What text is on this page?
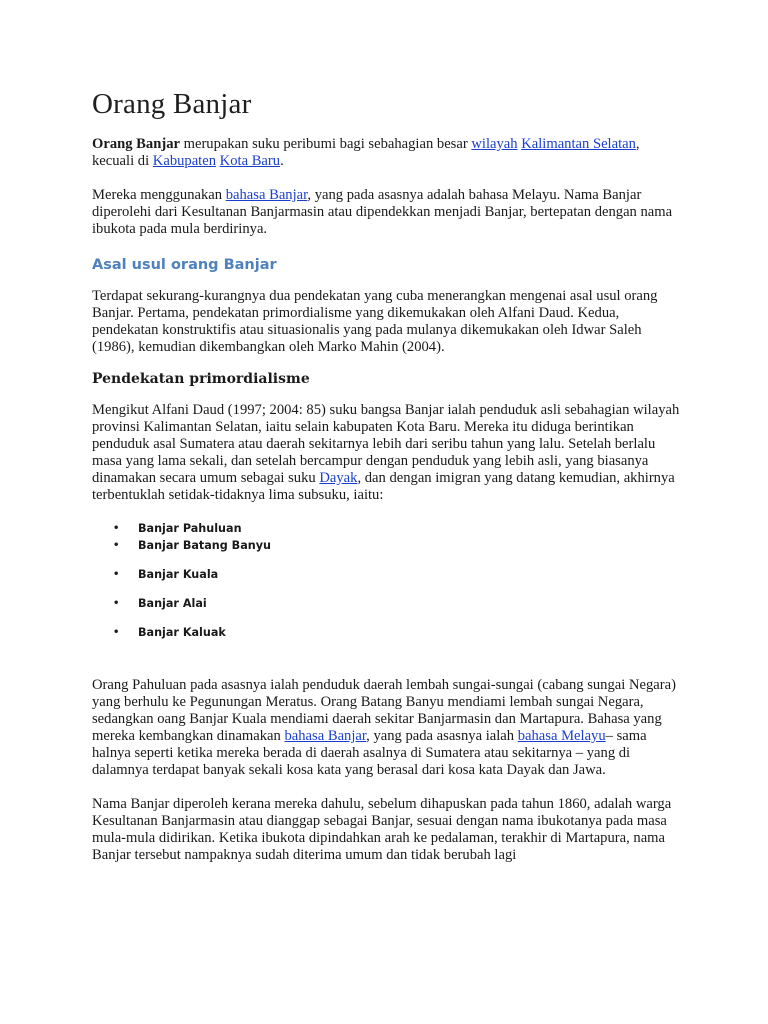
Orang Banjar

Orang Banjar merupakan suku peribumi bagi sebahagian besar wilayah Kalimantan Selatan, kecuali di Kabupaten Kota Baru.

Mereka menggunakan bahasa Banjar, yang pada asasnya adalah bahasa Melayu. Nama Banjar diperolehi dari Kesultanan Banjarmasin atau dipendekkan menjadi Banjar, bertepatan dengan nama ibukota pada mula berdirinya.

Asal usul orang Banjar

Terdapat sekurang-kurangnya dua pendekatan yang cuba menerangkan mengenai asal usul orang Banjar. Pertama, pendekatan primordialisme yang dikemukakan oleh Alfani Daud. Kedua, pendekatan konstruktifis atau situasionalis yang pada mulanya dikemukakan oleh Idwar Saleh (1986), kemudian dikembangkan oleh Marko Mahin (2004).

Pendekatan primordialisme

Mengikut Alfani Daud (1997; 2004: 85) suku bangsa Banjar ialah penduduk asli sebahagian wilayah provinsi Kalimantan Selatan, iaitu selain kabupaten Kota Baru. Mereka itu diduga berintikan penduduk asal Sumatera atau daerah sekitarnya lebih dari seribu tahun yang lalu. Setelah berlalu masa yang lama sekali, dan setelah bercampur dengan penduduk yang lebih asli, yang biasanya dinamakan secara umum sebagai suku Dayak, dan dengan imigran yang datang kemudian, akhirnya terbentuklah setidak-tidaknya lima subsuku, iaitu:

• Banjar Pahuluan
• Banjar Batang Banyu
• Banjar Kuala
• Banjar Alai
• Banjar Kaluak

Orang Pahuluan pada asasnya ialah penduduk daerah lembah sungai-sungai (cabang sungai Negara) yang berhulu ke Pegunungan Meratus. Orang Batang Banyu mendiami lembah sungai Negara, sedangkan oang Banjar Kuala mendiami daerah sekitar Banjarmasin dan Martapura. Bahasa yang mereka kembangkan dinamakan bahasa Banjar, yang pada asasnya ialah bahasa Melayu– sama halnya seperti ketika mereka berada di daerah asalnya di Sumatera atau sekitarnya – yang di dalamnya terdapat banyak sekali kosa kata yang berasal dari kosa kata Dayak dan Jawa.

Nama Banjar diperoleh kerana mereka dahulu, sebelum dihapuskan pada tahun 1860, adalah warga Kesultanan Banjarmasin atau dianggap sebagai Banjar, sesuai dengan nama ibukotanya pada masa mula-mula didirikan. Ketika ibukota dipindahkan arah ke pedalaman, terakhir di Martapura, nama Banjar tersebut nampaknya sudah diterima umum dan tidak berubah lagi
